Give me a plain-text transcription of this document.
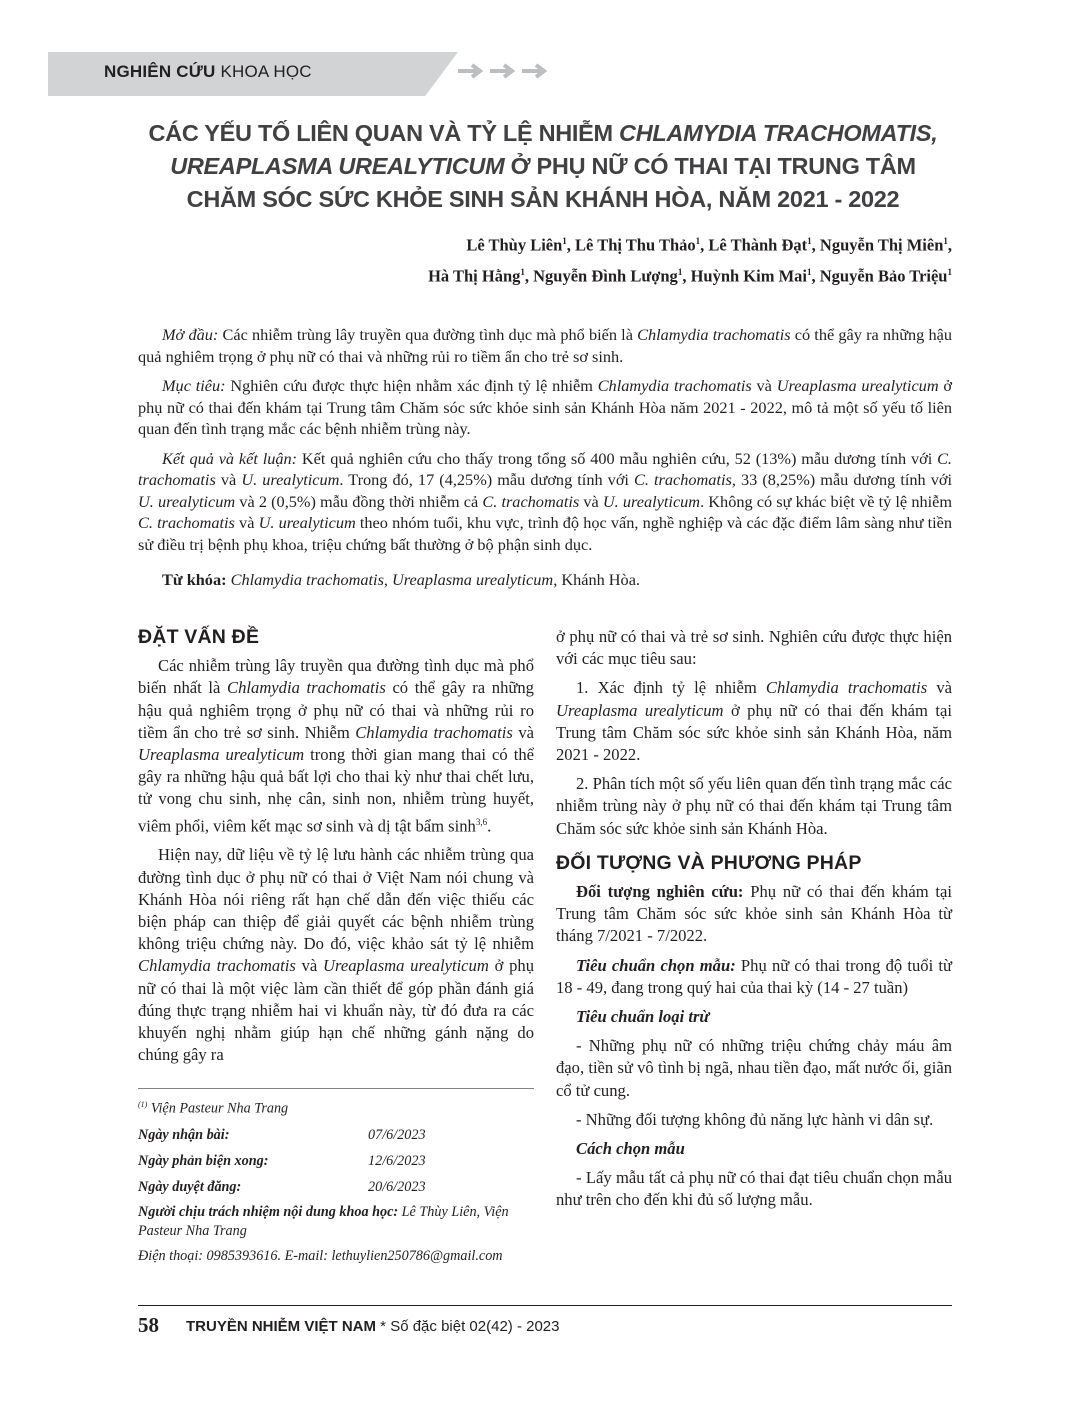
NGHIÊN CỨU KHOA HỌC
CÁC YẾU TỐ LIÊN QUAN VÀ TỶ LỆ NHIỄM CHLAMYDIA TRACHOMATIS,
UREAPLASMA UREALYTICUM Ở PHỤ NỮ CÓ THAI TẠI TRUNG TÂM
CHĂM SÓC SỨC KHỎE SINH SẢN KHÁNH HÒA, NĂM 2021 - 2022
Lê Thùy Liên$^1$, Lê Thị Thu Thảo$^1$, Lê Thành Đạt$^1$, Nguyễn Thị Miên$^1$,
Hà Thị Hằng$^1$, Nguyễn Đình Lượng$^1$, Huỳnh Kim Mai$^1$, Nguyễn Bảo Triệu$^1$

Mở đầu: Các nhiễm trùng lây truyền qua đường tình dục mà phổ biến là Chlamydia trachomatis có thể gây ra những hậu quả nghiêm trọng ở phụ nữ có thai và những rủi ro tiềm ẩn cho trẻ sơ sinh.

Mục tiêu: Nghiên cứu được thực hiện nhằm xác định tỷ lệ nhiễm Chlamydia trachomatis và Ureaplasma urealyticum ở phụ nữ có thai đến khám tại Trung tâm Chăm sóc sức khỏe sinh sản Khánh Hòa năm 2021 - 2022, mô tả một số yếu tố liên quan đến tình trạng mắc các bệnh nhiễm trùng này.

Kết quả và kết luận: Kết quả nghiên cứu cho thấy trong tổng số 400 mẫu nghiên cứu, 52 (13%) mẫu dương tính với C. trachomatis và U. urealyticum. Trong đó, 17 (4,25%) mẫu dương tính với C. trachomatis, 33 (8,25%) mẫu dương tính với U. urealyticum và 2 (0,5%) mẫu đồng thời nhiễm cả C. trachomatis và U. urealyticum. Không có sự khác biệt về tỷ lệ nhiễm C. trachomatis và U. urealyticum theo nhóm tuổi, khu vực, trình độ học vấn, nghề nghiệp và các đặc điểm lâm sàng như tiền sử điều trị bệnh phụ khoa, triệu chứng bất thường ở bộ phận sinh dục.

Từ khóa: Chlamydia trachomatis, Ureaplasma urealyticum, Khánh Hòa.

ĐẶT VẤN ĐỀ

Các nhiễm trùng lây truyền qua đường tình dục mà phổ biến nhất là Chlamydia trachomatis có thể gây ra những hậu quả nghiêm trọng ở phụ nữ có thai và những rủi ro tiềm ẩn cho trẻ sơ sinh. Nhiễm Chlamydia trachomatis và Ureaplasma urealyticum trong thời gian mang thai có thể gây ra những hậu quả bất lợi cho thai kỳ như thai chết lưu, tử vong chu sinh, nhẹ cân, sinh non, nhiễm trùng huyết, viêm phổi, viêm kết mạc sơ sinh và dị tật bẩm $\sinh^{3,6}$.

Hiện nay, dữ liệu về tỷ lệ lưu hành các nhiễm trùng qua đường tình dục ở phụ nữ có thai ở Việt Nam nói chung và Khánh Hòa nói riêng rất hạn chế dẫn đến việc thiếu các biện pháp can thiệp để giải quyết các bệnh nhiễm trùng không triệu chứng này. Do đó, việc khảo sát tỷ lệ nhiễm Chlamydia trachomatis và Ureaplasma urealyticum ở phụ nữ có thai là một việc làm cần thiết để góp phần đánh giá đúng thực trạng nhiễm hai vi khuẩn này, từ đó đưa ra các khuyến nghị nhằm giúp hạn chế những gánh nặng do chúng gây ra

ở phụ nữ có thai và trẻ sơ sinh. Nghiên cứu được thực hiện với các mục tiêu sau:

1. Xác định tỷ lệ nhiễm Chlamydia trachomatis và Ureaplasma urealyticum ở phụ nữ có thai đến khám tại Trung tâm Chăm sóc sức khỏe sinh sản Khánh Hòa, năm 2021 - 2022.

2. Phân tích một số yếu liên quan đến tình trạng mắc các nhiễm trùng này ở phụ nữ có thai đến khám tại Trung tâm Chăm sóc sức khỏe sinh sản Khánh Hòa.

ĐỐI TƯỢNG VÀ PHƯƠNG PHÁP

Đối tượng nghiên cứu: Phụ nữ có thai đến khám tại Trung tâm Chăm sóc sức khỏe sinh sản Khánh Hòa từ tháng 7/2021 - 7/2022.

Tiêu chuẩn chọn mẫu: Phụ nữ có thai trong độ tuổi từ 18 - 49, đang trong quý hai của thai kỳ (14 - 27 tuần)

Tiêu chuẩn loại trừ

- Những phụ nữ có những triệu chứng chảy máu âm đạo, tiền sử vô tình bị ngã, nhau tiền đạo, mất nước ối, giãn cổ tử cung.

- Những đối tượng không đủ năng lực hành vi dân sự.

Cách chọn mẫu

- Lấy mẫu tất cả phụ nữ có thai đạt tiêu chuẩn chọn mẫu như trên cho đến khi đủ số lượng mẫu.

$^{(1)}$ Viện Pasteur Nha Trang
Ngày nhận bài:	07/6/2023
Ngày phản biện xong:	12/6/2023
Ngày duyệt đăng:	20/6/2023
Người chịu trách nhiệm nội dung khoa học: Lê Thùy Liên, Viện Pasteur Nha Trang
Điện thoại: 0985393616. E-mail: lethuylien250786@gmail.com
58 TRUYỀN NHIỄM VIỆT NAM * Số đặc biệt 02(42) - 2023
